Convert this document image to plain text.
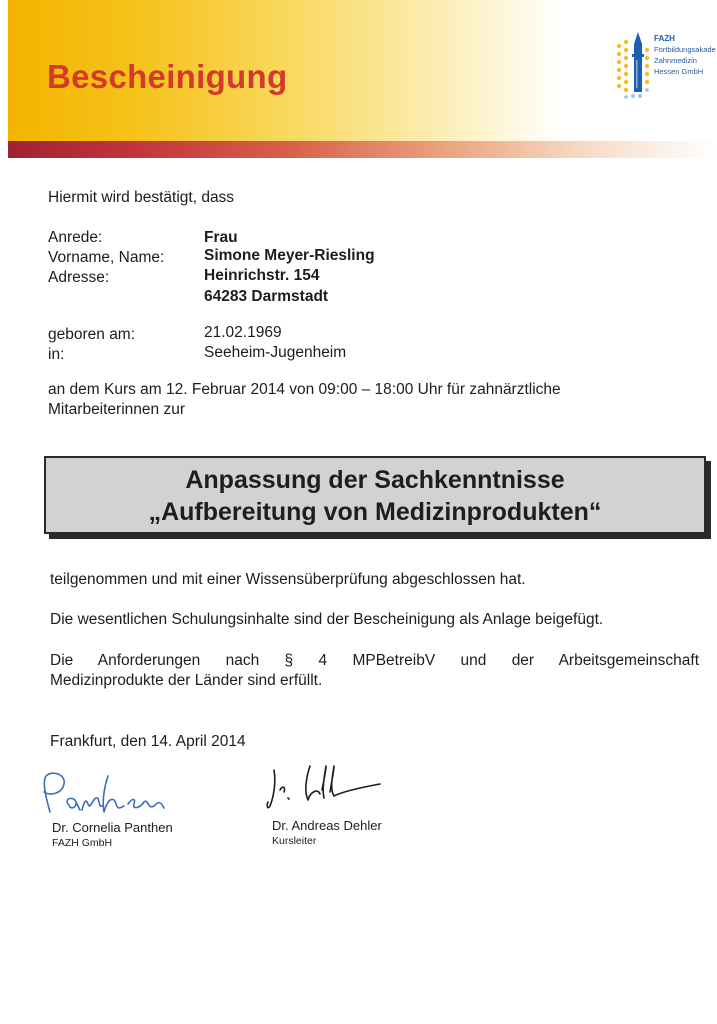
Bescheinigung
FAZH
Fortbildungsakade
Zahnmedizin
Hessen GmbH
Hiermit wird bestätigt, dass
Anrede:	Frau
Vorname, Name:	Simone Meyer-Riesling
Adresse:	Heinrichstr. 154
64283 Darmstadt
geboren am:	21.02.1969
in:	Seeheim-Jugenheim
an dem Kurs am 12. Februar 2014 von 09:00 – 18:00 Uhr für zahnärztliche
Mitarbeiterinnen zur
Anpassung der Sachkenntnisse
„Aufbereitung von Medizinprodukten“
teilgenommen und mit einer Wissensüberprüfung abgeschlossen hat.
Die wesentlichen Schulungsinhalte sind der Bescheinigung als Anlage beigefügt.
Die Anforderungen nach § 4 MPBetreibV und der Arbeitsgemeinschaft
Medizinprodukte der Länder sind erfüllt.
Frankfurt, den 14. April 2014
Dr. Cornelia Panthen
FAZH GmbH
Dr. Andreas Dehler
Kursleiter
